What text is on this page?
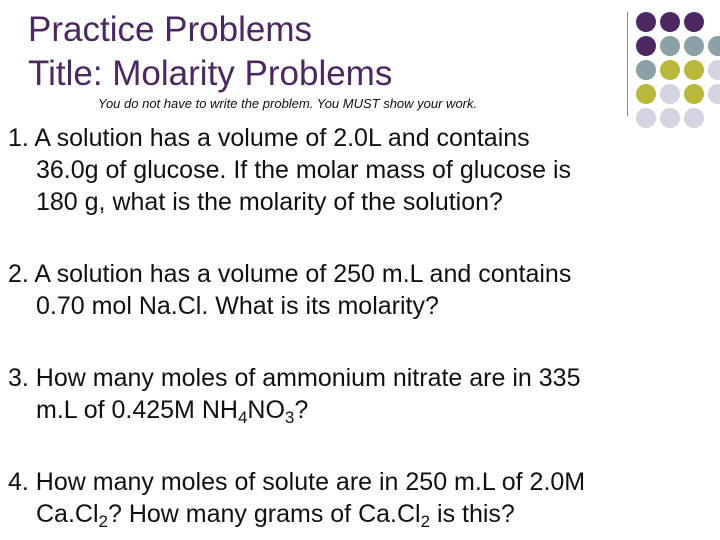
Practice Problems
Title: Molarity Problems
You do not have to write the problem. You MUST show your work.
1. A solution has a volume of 2.0L and contains
36.0g of glucose. If the molar mass of glucose is
180 g, what is the molarity of the solution?
2. A solution has a volume of 250 m.L and contains
0.70 mol Na.Cl. What is its molarity?
3. How many moles of ammonium nitrate are in 335
m.L of 0.425M $NH_4NO_3$?
4. How many moles of solute are in 250 m.L of 2.0M
$Ca.Cl_2$? How many grams of $Ca.Cl_2$ is this?
